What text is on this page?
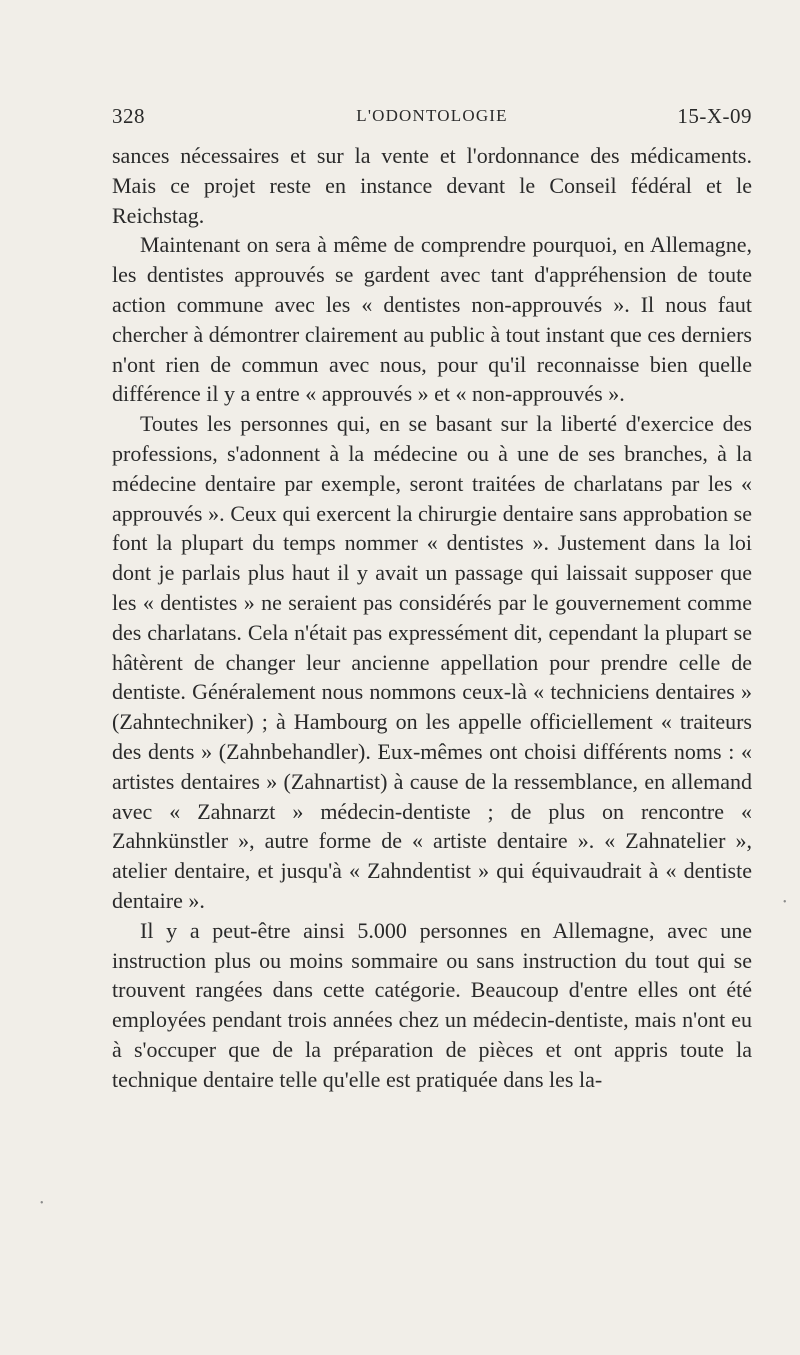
328	L'ODONTOLOGIE	15-X-09

sances nécessaires et sur la vente et l'ordonnance des médicaments. Mais ce projet reste en instance devant le Conseil fédéral et le Reichstag.

Maintenant on sera à même de comprendre pourquoi, en Allemagne, les dentistes approuvés se gardent avec tant d'appréhension de toute action commune avec les « dentistes non-approuvés ». Il nous faut chercher à démontrer clairement au public à tout instant que ces derniers n'ont rien de commun avec nous, pour qu'il reconnaisse bien quelle différence il y a entre « approuvés » et « non-approuvés ».

Toutes les personnes qui, en se basant sur la liberté d'exercice des professions, s'adonnent à la médecine ou à une de ses branches, à la médecine dentaire par exemple, seront traitées de charlatans par les « approuvés ». Ceux qui exercent la chirurgie dentaire sans approbation se font la plupart du temps nommer « dentistes ». Justement dans la loi dont je parlais plus haut il y avait un passage qui laissait supposer que les « dentistes » ne seraient pas considérés par le gouvernement comme des charlatans. Cela n'était pas expressément dit, cependant la plupart se hâtèrent de changer leur ancienne appellation pour prendre celle de dentiste. Généralement nous nommons ceux-là « techniciens dentaires » (Zahntechniker) ; à Hambourg on les appelle officiellement « traiteurs des dents » (Zahnbehandler). Eux-mêmes ont choisi différents noms : « artistes dentaires » (Zahnartist) à cause de la ressemblance, en allemand avec « Zahnarzt » médecin-dentiste ; de plus on rencontre « Zahnkünstler », autre forme de « artiste dentaire ». « Zahnatelier », atelier dentaire, et jusqu'à « Zahndentist » qui équivaudrait à « dentiste dentaire ».

Il y a peut-être ainsi 5.000 personnes en Allemagne, avec une instruction plus ou moins sommaire ou sans instruction du tout qui se trouvent rangées dans cette catégorie. Beaucoup d'entre elles ont été employées pendant trois années chez un médecin-dentiste, mais n'ont eu à s'occuper que de la préparation de pièces et ont appris toute la technique dentaire telle qu'elle est pratiquée dans les la-

•
•
